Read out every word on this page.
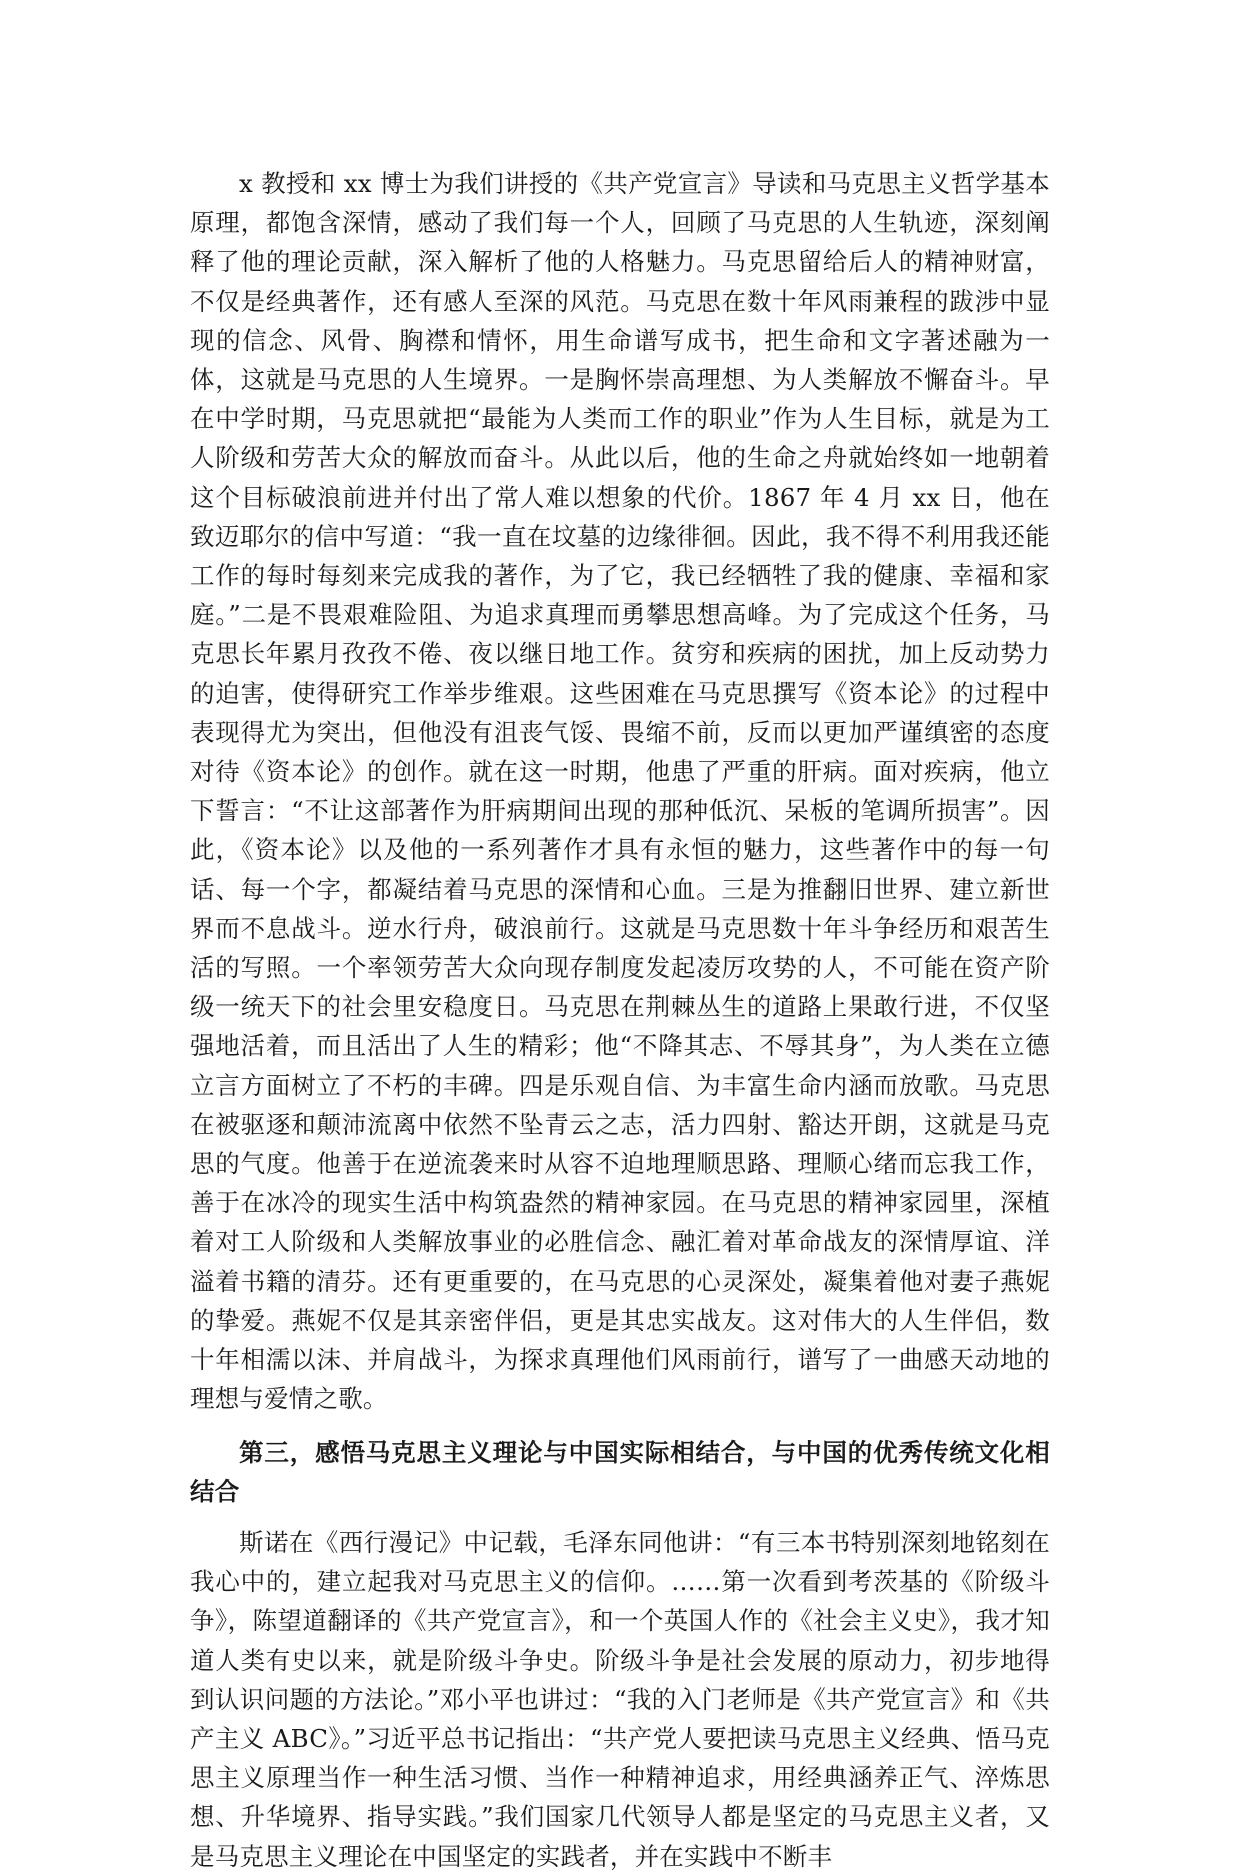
x 教授和 xx 博士为我们讲授的《共产党宣言》导读和马克思主义哲学基本原理，都饱含深情，感动了我们每一个人，回顾了马克思的人生轨迹，深刻阐释了他的理论贡献，深入解析了他的人格魅力。马克思留给后人的精神财富，不仅是经典著作，还有感人至深的风范。马克思在数十年风雨兼程的跋涉中显现的信念、风骨、胸襟和情怀，用生命谱写成书，把生命和文字著述融为一体，这就是马克思的人生境界。一是胸怀崇高理想、为人类解放不懈奋斗。早在中学时期，马克思就把“最能为人类而工作的职业”作为人生目标，就是为工人阶级和劳苦大众的解放而奋斗。从此以后，他的生命之舟就始终如一地朝着这个目标破浪前进并付出了常人难以想象的代价。1867 年 4 月 xx 日，他在致迈耶尔的信中写道：“我一直在坟墓的边缘徘徊。因此，我不得不利用我还能工作的每时每刻来完成我的著作，为了它，我已经牺牲了我的健康、幸福和家庭。”二是不畏艰难险阻、为追求真理而勇攀思想高峰。为了完成这个任务，马克思长年累月孜孜不倦、夜以继日地工作。贫穷和疾病的困扰，加上反动势力的迫害，使得研究工作举步维艰。这些困难在马克思撰写《资本论》的过程中表现得尤为突出，但他没有沮丧气馁、畏缩不前，反而以更加严谨缜密的态度对待《资本论》的创作。就在这一时期，他患了严重的肝病。面对疾病，他立下誓言：“不让这部著作为肝病期间出现的那种低沉、呆板的笔调所损害”。因此，《资本论》以及他的一系列著作才具有永恒的魅力，这些著作中的每一句话、每一个字，都凝结着马克思的深情和心血。三是为推翻旧世界、建立新世界而不息战斗。逆水行舟，破浪前行。这就是马克思数十年斗争经历和艰苦生活的写照。一个率领劳苦大众向现存制度发起凌厉攻势的人，不可能在资产阶级一统天下的社会里安稳度日。马克思在荆棘丛生的道路上果敢行进，不仅坚强地活着，而且活出了人生的精彩；他“不降其志、不辱其身”，为人类在立德立言方面树立了不朽的丰碑。四是乐观自信、为丰富生命内涵而放歌。马克思在被驱逐和颠沛流离中依然不坠青云之志，活力四射、豁达开朗，这就是马克思的气度。他善于在逆流袭来时从容不迫地理顺思路、理顺心绪而忘我工作，善于在冰冷的现实生活中构筑盎然的精神家园。在马克思的精神家园里，深植着对工人阶级和人类解放事业的必胜信念、融汇着对革命战友的深情厚谊、洋溢着书籍的清芬。还有更重要的，在马克思的心灵深处，凝集着他对妻子燕妮的挚爱。燕妮不仅是其亲密伴侣，更是其忠实战友。这对伟大的人生伴侣，数十年相濡以沫、并肩战斗，为探求真理他们风雨前行，谱写了一曲感天动地的理想与爱情之歌。

第三，感悟马克思主义理论与中国实际相结合，与中国的优秀传统文化相结合

斯诺在《西行漫记》中记载，毛泽东同他讲：“有三本书特别深刻地铭刻在我心中的，建立起我对马克思主义的信仰。……第一次看到考茨基的《阶级斗争》，陈望道翻译的《共产党宣言》，和一个英国人作的《社会主义史》，我才知道人类有史以来，就是阶级斗争史。阶级斗争是社会发展的原动力，初步地得到认识问题的方法论。”邓小平也讲过：“我的入门老师是《共产党宣言》和《共产主义 ABC》。”习近平总书记指出：“共产党人要把读马克思主义经典、悟马克思主义原理当作一种生活习惯、当作一种精神追求，用经典涵养正气、淬炼思想、升华境界、指导实践。”我们国家几代领导人都是坚定的马克思主义者，又是马克思主义理论在中国坚定的实践者，并在实践中不断丰
